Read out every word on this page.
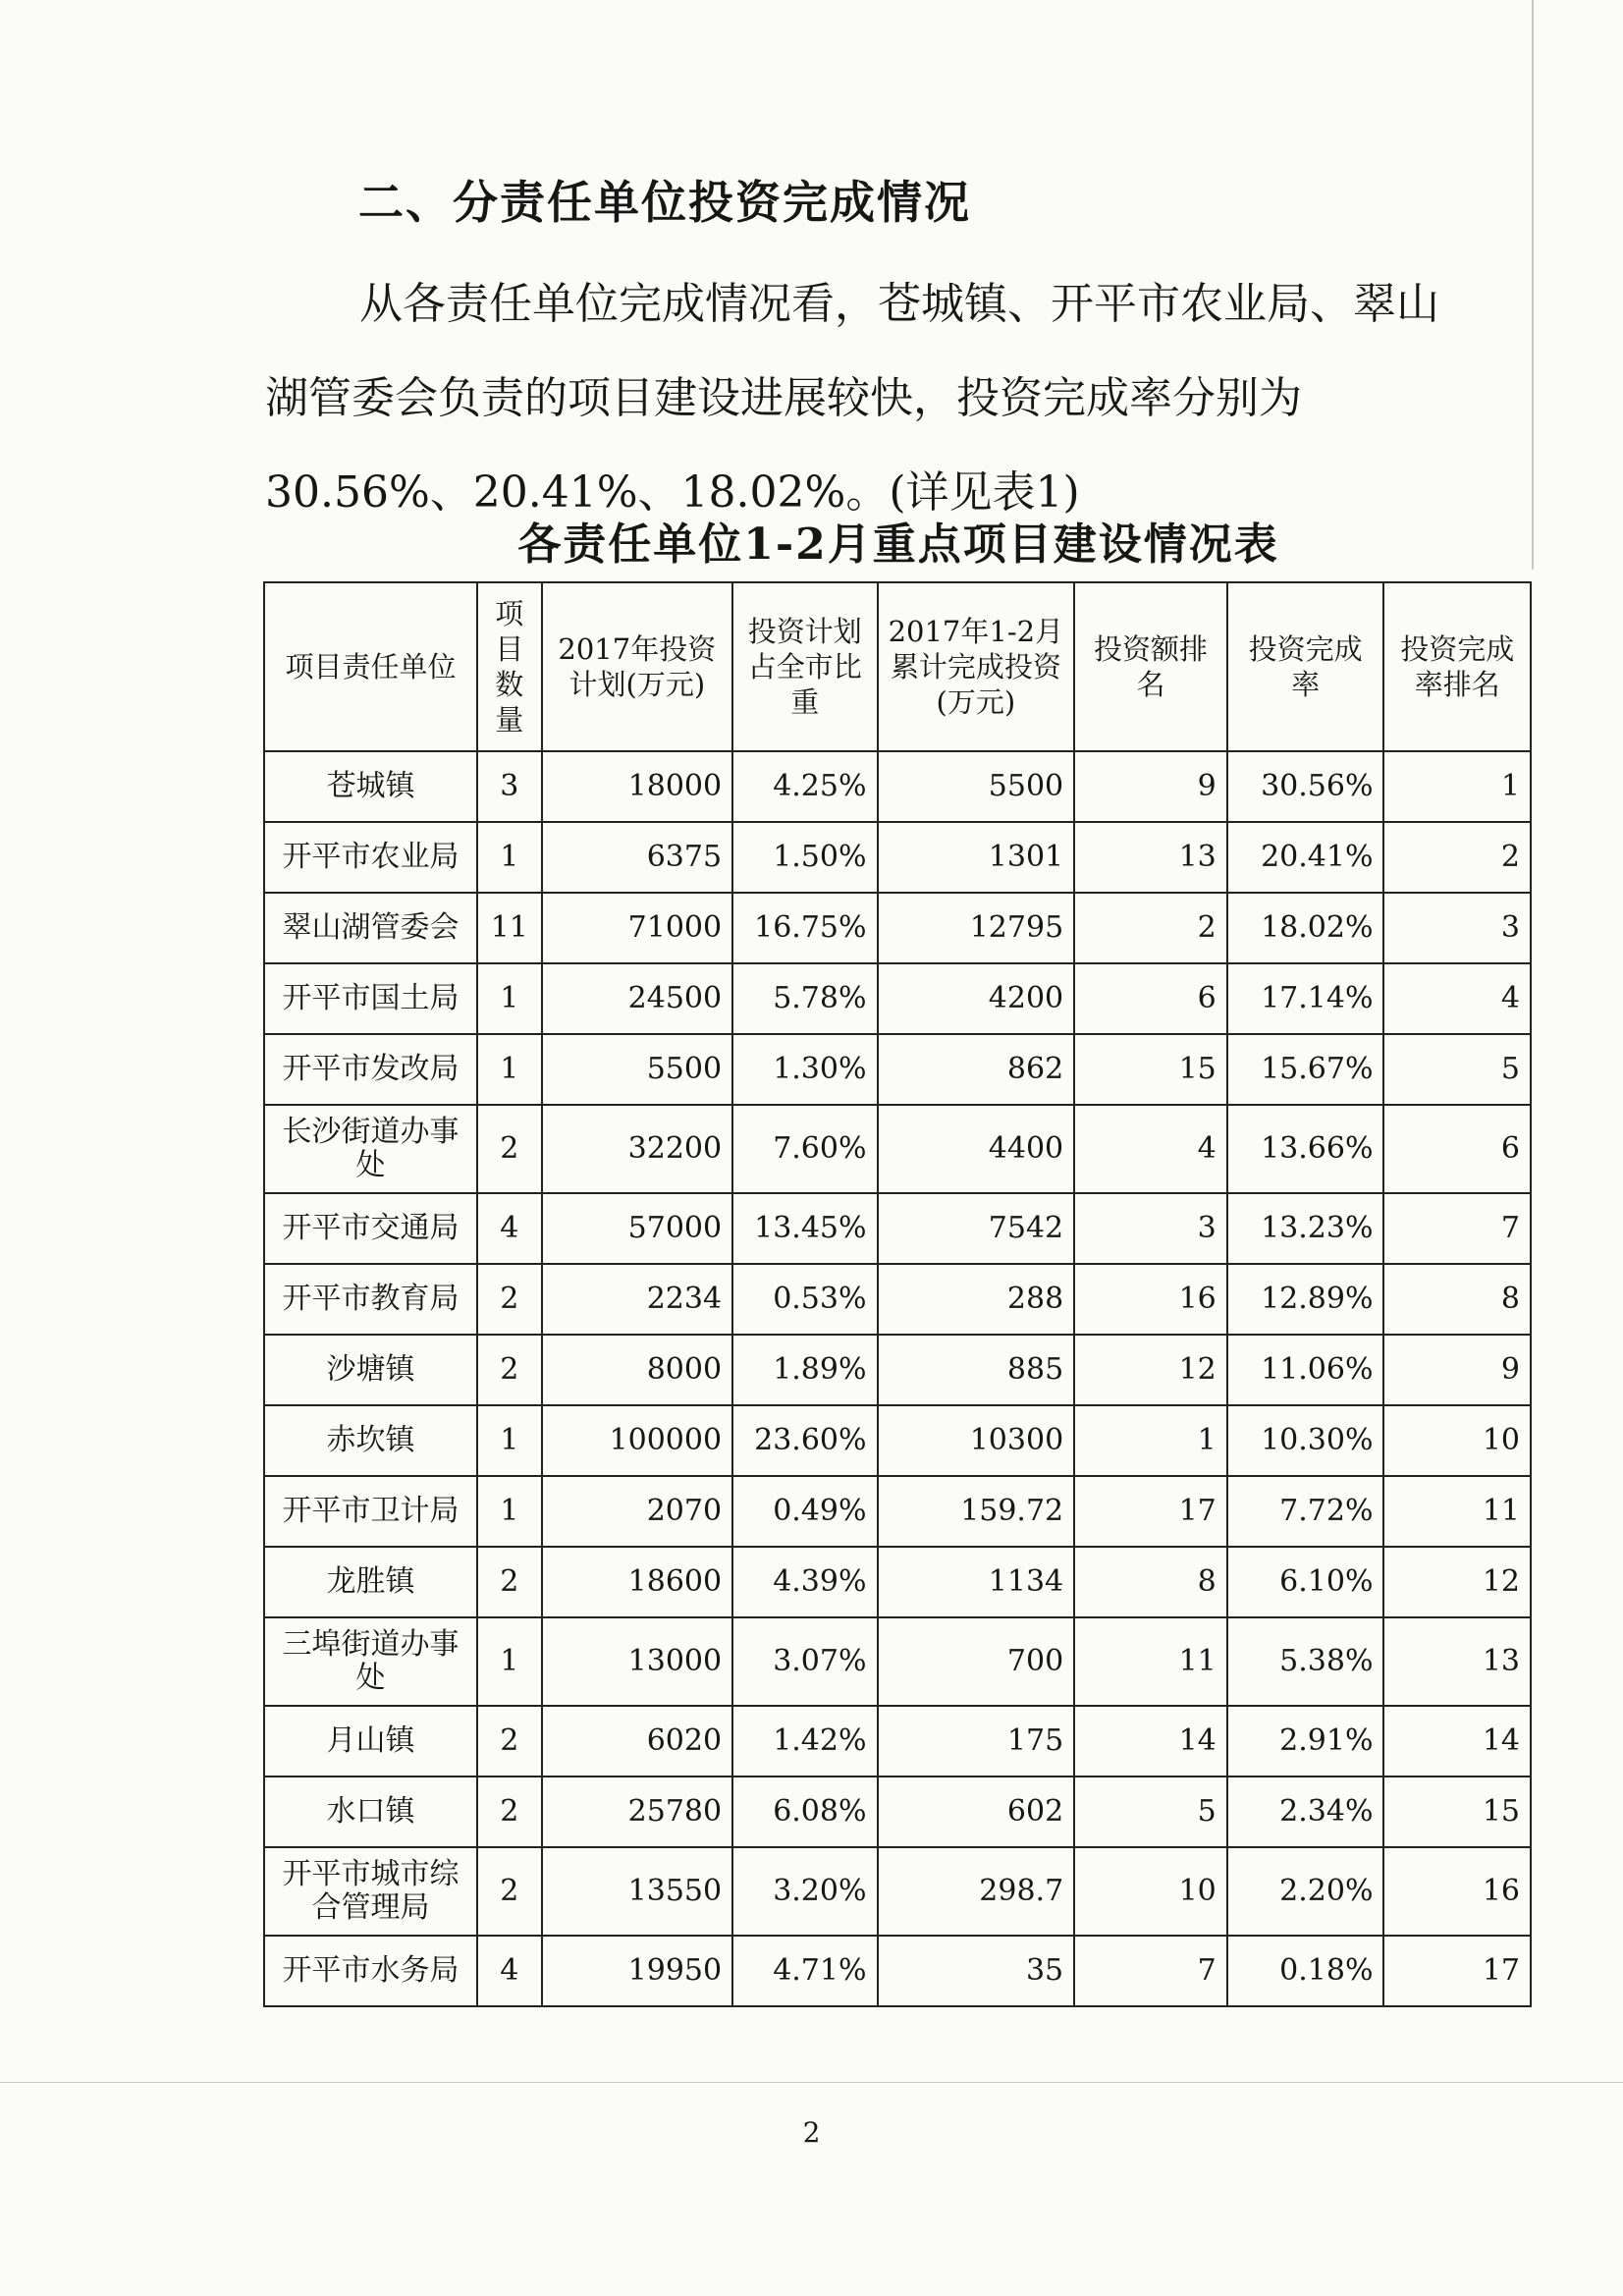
二、分责任单位投资完成情况

从各责任单位完成情况看，苍城镇、开平市农业局、翠山湖管委会负责的项目建设进展较快，投资完成率分别为30.56%、20.41%、18.02%。(详见表1)

各责任单位1-2月重点项目建设情况表
项目责任单位	项目数量	2017年投资计划(万元)	投资计划占全市比重	2017年1-2月累计完成投资(万元)	投资额排名	投资完成率	投资完成率排名
苍城镇	3	18000	4.25%	5500	9	30.56%	1
开平市农业局	1	6375	1.50%	1301	13	20.41%	2
翠山湖管委会	11	71000	16.75%	12795	2	18.02%	3
开平市国土局	1	24500	5.78%	4200	6	17.14%	4
开平市发改局	1	5500	1.30%	862	15	15.67%	5
长沙街道办事处	2	32200	7.60%	4400	4	13.66%	6
开平市交通局	4	57000	13.45%	7542	3	13.23%	7
开平市教育局	2	2234	0.53%	288	16	12.89%	8
沙塘镇	2	8000	1.89%	885	12	11.06%	9
赤坎镇	1	100000	23.60%	10300	1	10.30%	10
开平市卫计局	1	2070	0.49%	159.72	17	7.72%	11
龙胜镇	2	18600	4.39%	1134	8	6.10%	12
三埠街道办事处	1	13000	3.07%	700	11	5.38%	13
月山镇	2	6020	1.42%	175	14	2.91%	14
水口镇	2	25780	6.08%	602	5	2.34%	15
开平市城市综合管理局	2	13550	3.20%	298.7	10	2.20%	16
开平市水务局	4	19950	4.71%	35	7	0.18%	17

2
